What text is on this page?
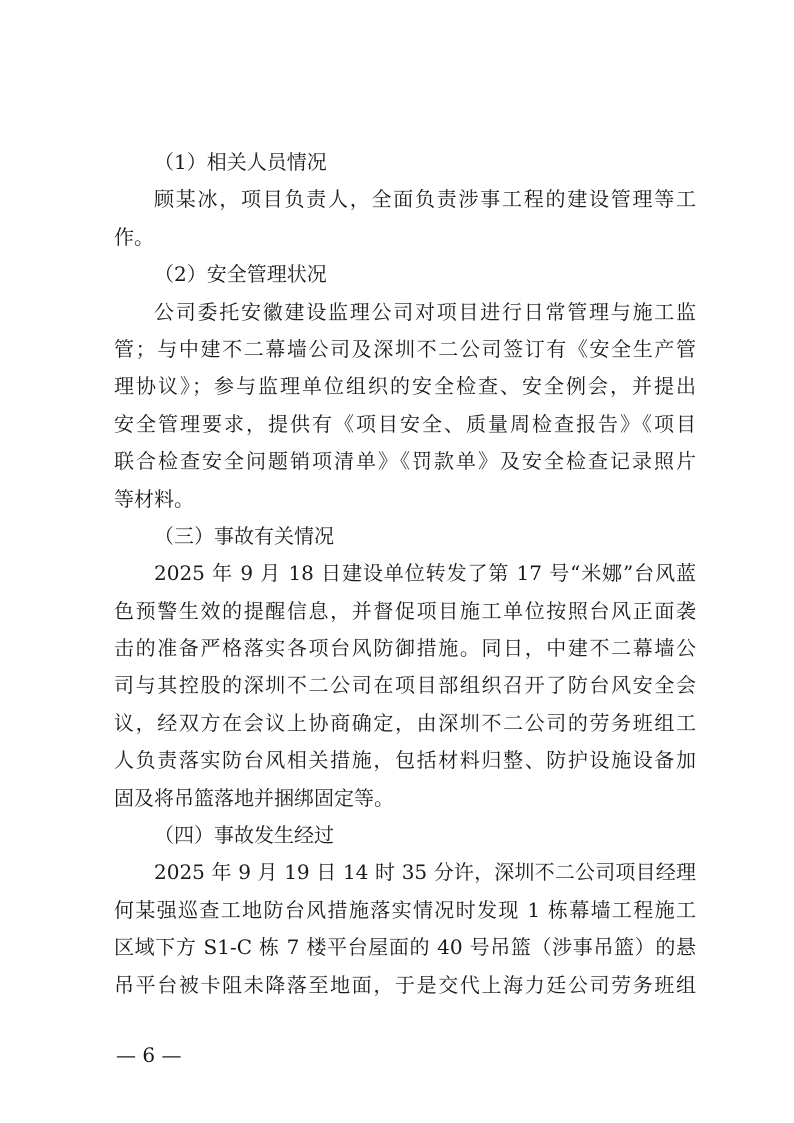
（1）相关人员情况
顾某冰，项目负责人，全面负责涉事工程的建设管理等工
作。
（2）安全管理状况
公司委托安徽建设监理公司对项目进行日常管理与施工监
管；与中建不二幕墙公司及深圳不二公司签订有《安全生产管
理协议》；参与监理单位组织的安全检查、安全例会，并提出
安全管理要求，提供有《项目安全、质量周检查报告》《项目
联合检查安全问题销项清单》《罚款单》及安全检查记录照片
等材料。
（三）事故有关情况
2025 年 9 月 18 日建设单位转发了第 17 号“米娜”台风蓝
色预警生效的提醒信息，并督促项目施工单位按照台风正面袭
击的准备严格落实各项台风防御措施。同日，中建不二幕墙公
司与其控股的深圳不二公司在项目部组织召开了防台风安全会
议，经双方在会议上协商确定，由深圳不二公司的劳务班组工
人负责落实防台风相关措施，包括材料归整、防护设施设备加
固及将吊篮落地并捆绑固定等。
（四）事故发生经过
2025 年 9 月 19 日 14 时 35 分许，深圳不二公司项目经理
何某强巡查工地防台风措施落实情况时发现 1 栋幕墙工程施工
区域下方 S1-C 栋 7 楼平台屋面的 40 号吊篮（涉事吊篮）的悬
吊平台被卡阻未降落至地面，于是交代上海力廷公司劳务班组
— 6 —
